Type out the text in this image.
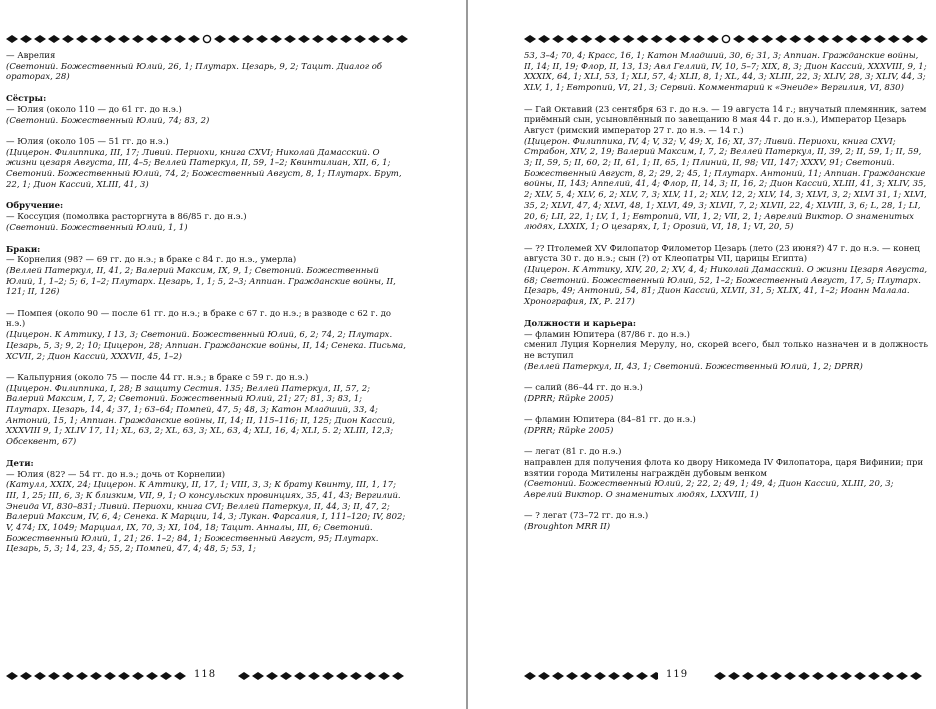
— Аврелия
(Светоний. Божественный Юлий, 26, 1; Плутарх. Цезарь, 9, 2; Тацит. Диалог об ораторах, 28)
Сёстры:
— Юлия (около 110 — до 61 гг. до н.э.)
(Светоний. Божественный Юлий, 74; 83, 2)
— Юлия (около 105 — 51 гг. до н.э.)
(Цицерон. Филиппика, III, 17; Ливий. Периохи, книга CXVI; Николай Дамасский. О жизни цезаря Августа, III, 4–5; Веллей Патеркул, II, 59, 1–2; Квинтилиан, XII, 6, 1; Светоний. Божественный Юлий, 74, 2; Божественный Август, 8, 1; Плутарх. Брут, 22, 1; Дион Кассий, XLIII, 41, 3)
Обручение:
— Коссуция (помолвка расторгнута в 86/85 г. до н.э.)
(Светоний. Божественный Юлий, 1, 1)
Браки:
— Корнелия (98? — 69 гг. до н.э.; в браке с 84 г. до н.э., умерла)
(Веллей Патеркул, II, 41, 2; Валерий Максим, IX, 9, 1; Светоний. Божественный Юлий, 1, 1–2; 5; 6, 1–2; Плутарх. Цезарь, 1, 1; 5, 2–3; Аппиан. Гражданские войны, II, 121; II, 126)
— Помпея (около 90 — после 61 гг. до н.э.; в браке с 67 г. до н.э.; в разводе с 62 г. до н.э.)
(Цицерон. К Аттику, I 13, 3; Светоний. Божественный Юлий, 6, 2; 74, 2; Плутарх. Цезарь, 5, 3; 9, 2; 10; Цицерон, 28; Аппиан. Гражданские войны, II, 14; Сенека. Письма, XCVII, 2; Дион Кассий, XXXVII, 45, 1–2)
— Кальпурния (около 75 — после 44 гг. н.э.; в браке с 59 г. до н.э.)
(Цицерон. Филиппика, I, 28; В защиту Сестия. 135; Веллей Патеркул, II, 57, 2; Валерий Максим, I, 7, 2; Светоний. Божественный Юлий, 21; 27; 81, 3; 83, 1; Плутарх. Цезарь, 14, 4; 37, 1; 63–64; Помпей, 47, 5; 48, 3; Катон Младший, 33, 4; Антоний, 15, 1; Аппиан. Гражданские войны, II, 14; II, 115–116; II, 125; Дион Кассий, XXXVIII 9, 1; XLIV 17, 11; XL, 63, 2; XL, 63, 3; XL, 63, 4; XLI, 16, 4; XLI, 5. 2; XLIII, 12,3; Обсеквент, 67)
Дети:
— Юлия (82? — 54 гг. до н.э.; дочь от Корнелии)
(Катулл, XXIX, 24; Цицерон. К Аттику, II, 17, 1; VIII, 3, 3; К брату Квинту, III, 1, 17; III, 1, 25; III, 6, 3; К близким, VII, 9, 1; О консульских провинциях, 35, 41, 43; Вергилий. Энеида VI, 830–831; Ливий. Периохи, книга CVI; Веллей Патеркул, II, 44, 3; II, 47, 2; Валерий Максим, IV, 6, 4; Сенека. К Марции, 14, 3; Лукан. Фарсалия, I, 111–120; IV, 802; V, 474; IX, 1049; Марциал, IX, 70, 3; XI, 104, 18; Тацит. Анналы, III, 6; Светоний. Божественный Юлий, 1, 21; 26. 1–2; 84, 1; Божественный Август, 95; Плутарх. Цезарь, 5, 3; 14, 23, 4; 55, 2; Помпей, 47, 4; 48, 5; 53, 1;
118
53, 3–4; 70, 4; Красс, 16, 1; Катон Младший, 30, 6; 31, 3; Аппиан. Гражданские войны, II, 14; II, 19; Флор, II, 13, 13; Авл Геллий, IV, 10, 5–7; XIX, 8, 3; Дион Кассий, XXXVIII, 9, 1; XXXIX, 64, 1; XLI, 53, 1; XLI, 57, 4; XLII, 8, 1; XL, 44, 3; XLIII, 22, 3; XLIV, 28, 3; XLIV, 44, 3; XLV, 1, 1; Евтропий, VI, 21, 3; Сервий. Комментарий к «Энеиде» Вергилия, VI, 830)
— Гай Октавий (23 сентября 63 г. до н.э. — 19 августа 14 г.; внучатый племянник, затем приёмный сын, усыновлённый по завещанию 8 мая 44 г. до н.э.), Император Цезарь Август (римский император 27 г. до н.э. — 14 г.)
(Цицерон. Филиппика, IV, 4; V, 32; V, 49; X, 16; XI, 37; Ливий. Периохи, книга CXVI; Страбон, XIV, 2, 19; Валерий Максим, I, 7, 2; Веллей Патеркул, II, 39, 2; II, 59, 1; II, 59, 3; II, 59, 5; II, 60, 2; II, 61, 1; II, 65, 1; Плиний, II, 98; VII, 147; XXXV, 91; Светоний. Божественный Август, 8, 2; 29, 2; 45, 1; Плутарх. Антоний, 11; Аппиан. Гражданские войны, II, 143; Аппелий, 41, 4; Флор, II, 14, 3; II, 16, 2; Дион Кассий, XLIII, 41, 3; XLIV, 35, 2; XLV, 5, 4; XLV, 6, 2; XLV, 7, 3; XLV, 11, 2; XLV, 12, 2; XLV, 14, 3; XLVI, 3, 2; XLVI 31, 1; XLVI, 35, 2; XLVI, 47, 4; XLVI, 48, 1; XLVI, 49, 3; XLVII, 7, 2; XLVII, 22, 4; XLVIII, 3, 6; L, 28, 1; LI, 20, 6; LII, 22, 1; LV, 1, 1; Евтропий, VII, 1, 2; VII, 2, 1; Аврелий Виктор. О знаменитых людях, LXXIX, 1; О цезарях, I, 1; Орозий, VI, 18, 1; VI, 20, 5)
— ?? Птолемей XV Филопатор Филометор Цезарь (лето (23 июня?) 47 г. до н.э. — конец августа 30 г. до н.э.; сын (?) от Клеопатры VII, царицы Египта)
(Цицерон. К Аттику, XIV, 20, 2; XV, 4, 4; Николай Дамасский. О жизни Цезаря Августа, 68; Светоний. Божественный Юлий, 52, 1–2; Божественный Август, 17, 5; Плутарх. Цезарь, 49; Антоний, 54, 81; Дион Кассий, XLVII, 31, 5; XLIX, 41, 1–2; Иоанн Малала. Хронография, IX, Р. 217)
Должности и карьера:
— фламин Юпитера (87/86 г. до н.э.)
сменил Луция Корнелия Мерулу, но, скорей всего, был только назначен и в должность не вступил
(Веллей Патеркул, II, 43, 1; Светоний. Божественный Юлий, 1, 2; DPRR)
— салий (86–44 гг. до н.э.)
(DPRR; Rüpke 2005)
— фламин Юпитера (84–81 гг. до н.э.)
(DPRR; Rüpke 2005)
— легат (81 г. до н.э.)
направлен для получения флота ко двору Никомеда IV Филопатора, царя Вифинии; при взятии города Митилены награждён дубовым венком
(Светоний. Божественный Юлий, 2; 22, 2; 49, 1; 49, 4; Дион Кассий, XLIII, 20, 3; Аврелий Виктор. О знаменитых людях, LXXVIII, 1)
— ? легат (73–72 гг. до н.э.)
(Broughton MRR II)
119
